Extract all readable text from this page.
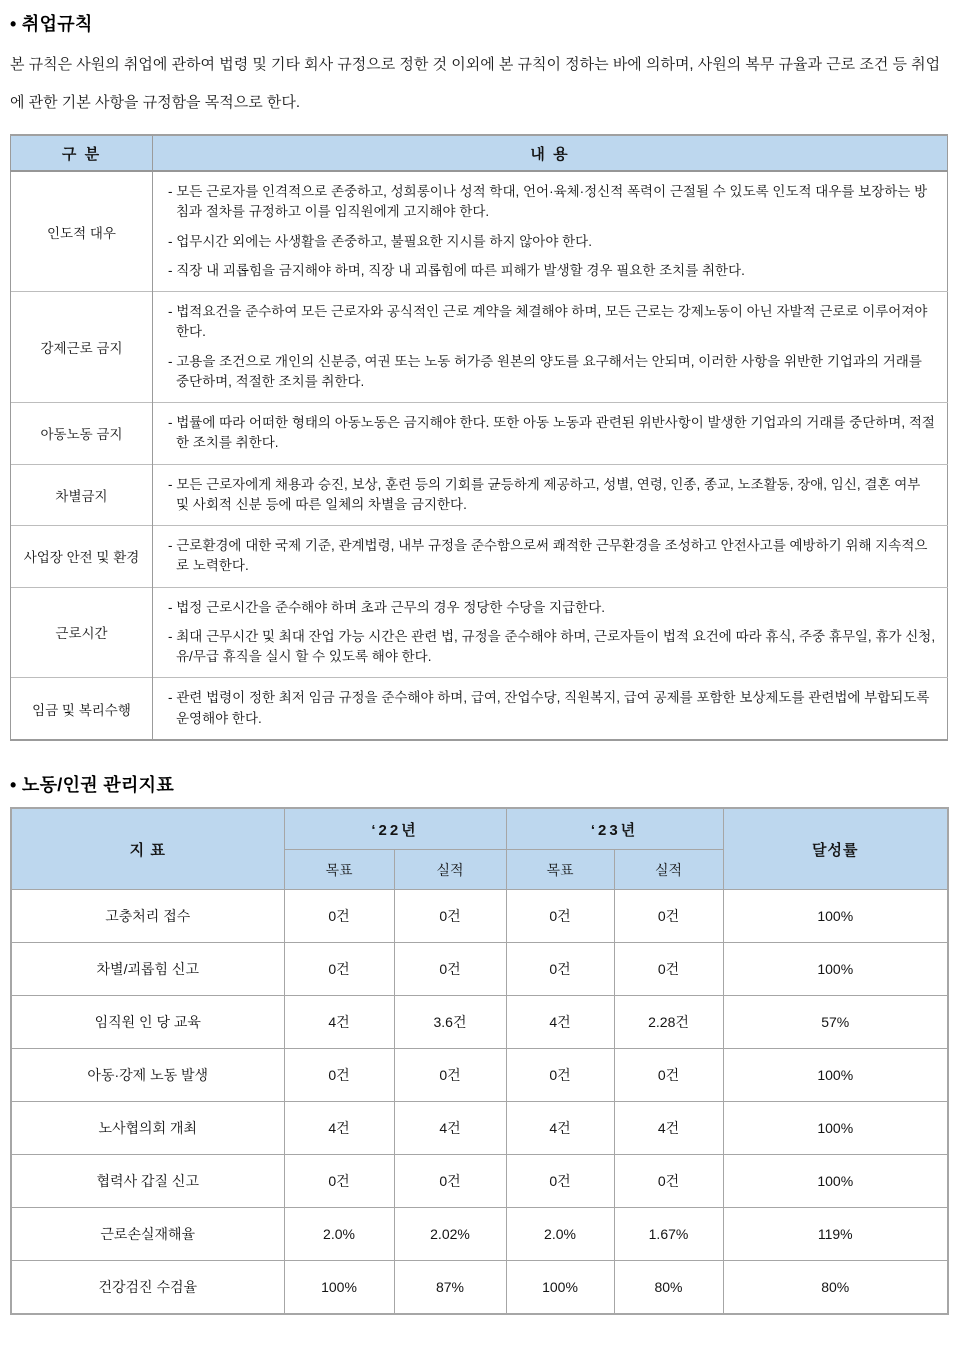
• 취업규칙

본 규칙은 사원의 취업에 관하여 법령 및 기타 회사 규정으로 정한 것 이외에 본 규칙이 정하는 바에 의하며, 사원의 복무 규율과 근로 조건 등 취업에 관한 기본 사항을 규정함을 목적으로 한다.

구 분	내 용
인도적 대우	- 모든 근로자를 인격적으로 존중하고, 성희롱이나 성적 학대, 언어·육체·정신적 폭력이 근절될 수 있도록 인도적 대우를 보장하는 방침과 절차를 규정하고 이를 임직원에게 고지해야 한다.
- 업무시간 외에는 사생활을 존중하고, 불필요한 지시를 하지 않아야 한다.
- 직장 내 괴롭힘을 금지해야 하며, 직장 내 괴롭힘에 따른 피해가 발생할 경우 필요한 조치를 취한다.

강제근로 금지	- 법적요건을 준수하여 모든 근로자와 공식적인 근로 계약을 체결해야 하며, 모든 근로는 강제노동이 아닌 자발적 근로로 이루어져야 한다.
- 고용을 조건으로 개인의 신분증, 여권 또는 노동 허가증 원본의 양도를 요구해서는 안되며, 이러한 사항을 위반한 기업과의 거래를 중단하며, 적절한 조치를 취한다.

아동노동 금지	- 법률에 따라 어떠한 형태의 아동노동은 금지해야 한다. 또한 아동 노동과 관련된 위반사항이 발생한 기업과의 거래를 중단하며, 적절한 조치를 취한다.

차별금지	- 모든 근로자에게 채용과 승진, 보상, 훈련 등의 기회를 균등하게 제공하고, 성별, 연령, 인종, 종교, 노조활동, 장애, 임신, 결혼 여부 및 사회적 신분 등에 따른 일체의 차별을 금지한다.

사업장 안전 및 환경	- 근로환경에 대한 국제 기준, 관계법령, 내부 규정을 준수함으로써 쾌적한 근무환경을 조성하고 안전사고를 예방하기 위해 지속적으로 노력한다.

근로시간	- 법정 근로시간을 준수해야 하며 초과 근무의 경우 정당한 수당을 지급한다.
- 최대 근무시간 및 최대 잔업 가능 시간은 관련 법, 규정을 준수해야 하며, 근로자들이 법적 요건에 따라 휴식, 주중 휴무일, 휴가 신청, 유/무급 휴직을 실시 할 수 있도록 해야 한다.

임금 및 복리수행	- 관련 법령이 정한 최저 임금 규정을 준수해야 하며, 급여, 잔업수당, 직원복지, 급여 공제를 포함한 보상제도를 관련법에 부합되도록 운영해야 한다.
• 노동/인권 관리지표
지 표	‘22년		‘23년		달성률
	목표	실적	목표	실적	
고충처리 접수	0건	0건	0건	0건	100%
차별/괴롭힘 신고	0건	0건	0건	0건	100%
임직원 인 당 교육	4건	3.6건	4건	2.28건	57%
아동·강제 노동 발생	0건	0건	0건	0건	100%
노사협의회 개최	4건	4건	4건	4건	100%
협력사 갑질 신고	0건	0건	0건	0건	100%
근로손실재해율	2.0%	2.02%	2.0%	1.67%	119%
건강검진 수검율	100%	87%	100%	80%	80%
